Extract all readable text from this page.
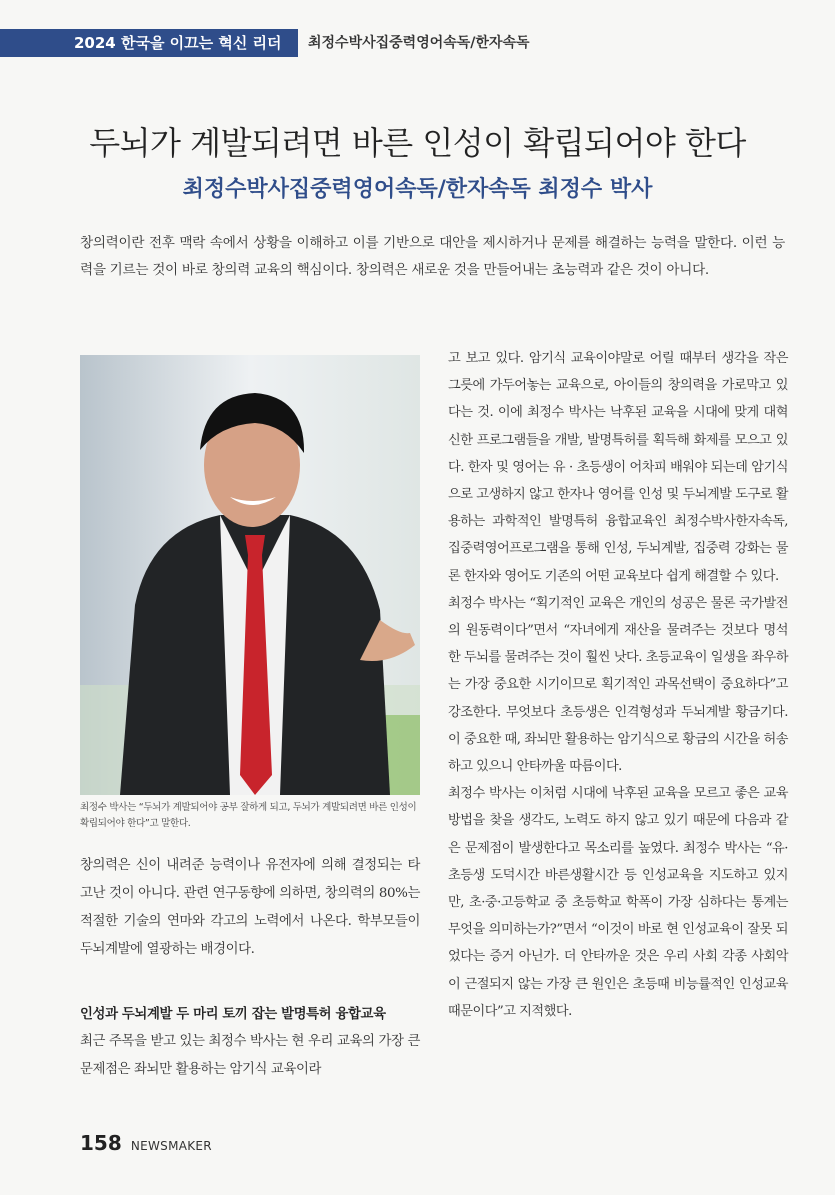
2024 한국을 이끄는 혁신 리더 최정수박사집중력영어속독/한자속독
두뇌가 계발되려면 바른 인성이 확립되어야 한다
최정수박사집중력영어속독/한자속독 최정수 박사
창의력이란 전후 맥락 속에서 상황을 이해하고 이를 기반으로 대안을 제시하거나 문제를 해결하는 능력을 말한다. 이런 능력을 기르는 것이 바로 창의력 교육의 핵심이다. 창의력은 새로운 것을 만들어내는 초능력과 같은 것이 아니다.
최정수 박사는 “두뇌가 계발되어야 공부 잘하게 되고, 두뇌가 계발되려면 바른 인성이 확립되어야 한다”고 말한다.

창의력은 신이 내려준 능력이나 유전자에 의해 결정되는 타고난 것이 아니다. 관련 연구동향에 의하면, 창의력의 80%는 적절한 기술의 연마와 각고의 노력에서 나온다. 학부모들이 두뇌계발에 열광하는 배경이다.

인성과 두뇌계발 두 마리 토끼 잡는 발명특허 융합교육

최근 주목을 받고 있는 최정수 박사는 현 우리 교육의 가장 큰 문제점은 좌뇌만 활용하는 암기식 교육이라

고 보고 있다. 암기식 교육이야말로 어릴 때부터 생각을 작은 그릇에 가두어놓는 교육으로, 아이들의 창의력을 가로막고 있다는 것. 이에 최정수 박사는 낙후된 교육을 시대에 맞게 대혁신한 프로그램들을 개발, 발명특허를 획득해 화제를 모으고 있다. 한자 및 영어는 유 · 초등생이 어차피 배워야 되는데 암기식으로 고생하지 않고 한자나 영어를 인성 및 두뇌계발 도구로 활용하는 과학적인 발명특허 융합교육인 최정수박사한자속독, 집중력영어프로그램을 통해 인성, 두뇌계발, 집중력 강화는 물론 한자와 영어도 기존의 어떤 교육보다 쉽게 해결할 수 있다.

최정수 박사는 “획기적인 교육은 개인의 성공은 물론 국가발전의 원동력이다”면서 “자녀에게 재산을 물려주는 것보다 명석한 두뇌를 물려주는 것이 훨씬 낫다. 초등교육이 일생을 좌우하는 가장 중요한 시기이므로 획기적인 과목선택이 중요하다”고 강조한다. 무엇보다 초등생은 인격형성과 두뇌계발 황금기다. 이 중요한 때, 좌뇌만 활용하는 암기식으로 황금의 시간을 허송하고 있으니 안타까울 따름이다.

최정수 박사는 이처럼 시대에 낙후된 교육을 모르고 좋은 교육방법을 찾을 생각도, 노력도 하지 않고 있기 때문에 다음과 같은 문제점이 발생한다고 목소리를 높였다. 최정수 박사는 “유·초등생 도덕시간 바른생활시간 등 인성교육을 지도하고 있지만, 초·중·고등학교 중 초등학교 학폭이 가장 심하다는 통계는 무엇을 의미하는가?”면서 “이것이 바로 현 인성교육이 잘못 되었다는 증거 아닌가. 더 안타까운 것은 우리 사회 각종 사회악이 근절되지 않는 가장 큰 원인은 초등때 비능률적인 인성교육 때문이다”고 지적했다.

158 NEWSMAKER
